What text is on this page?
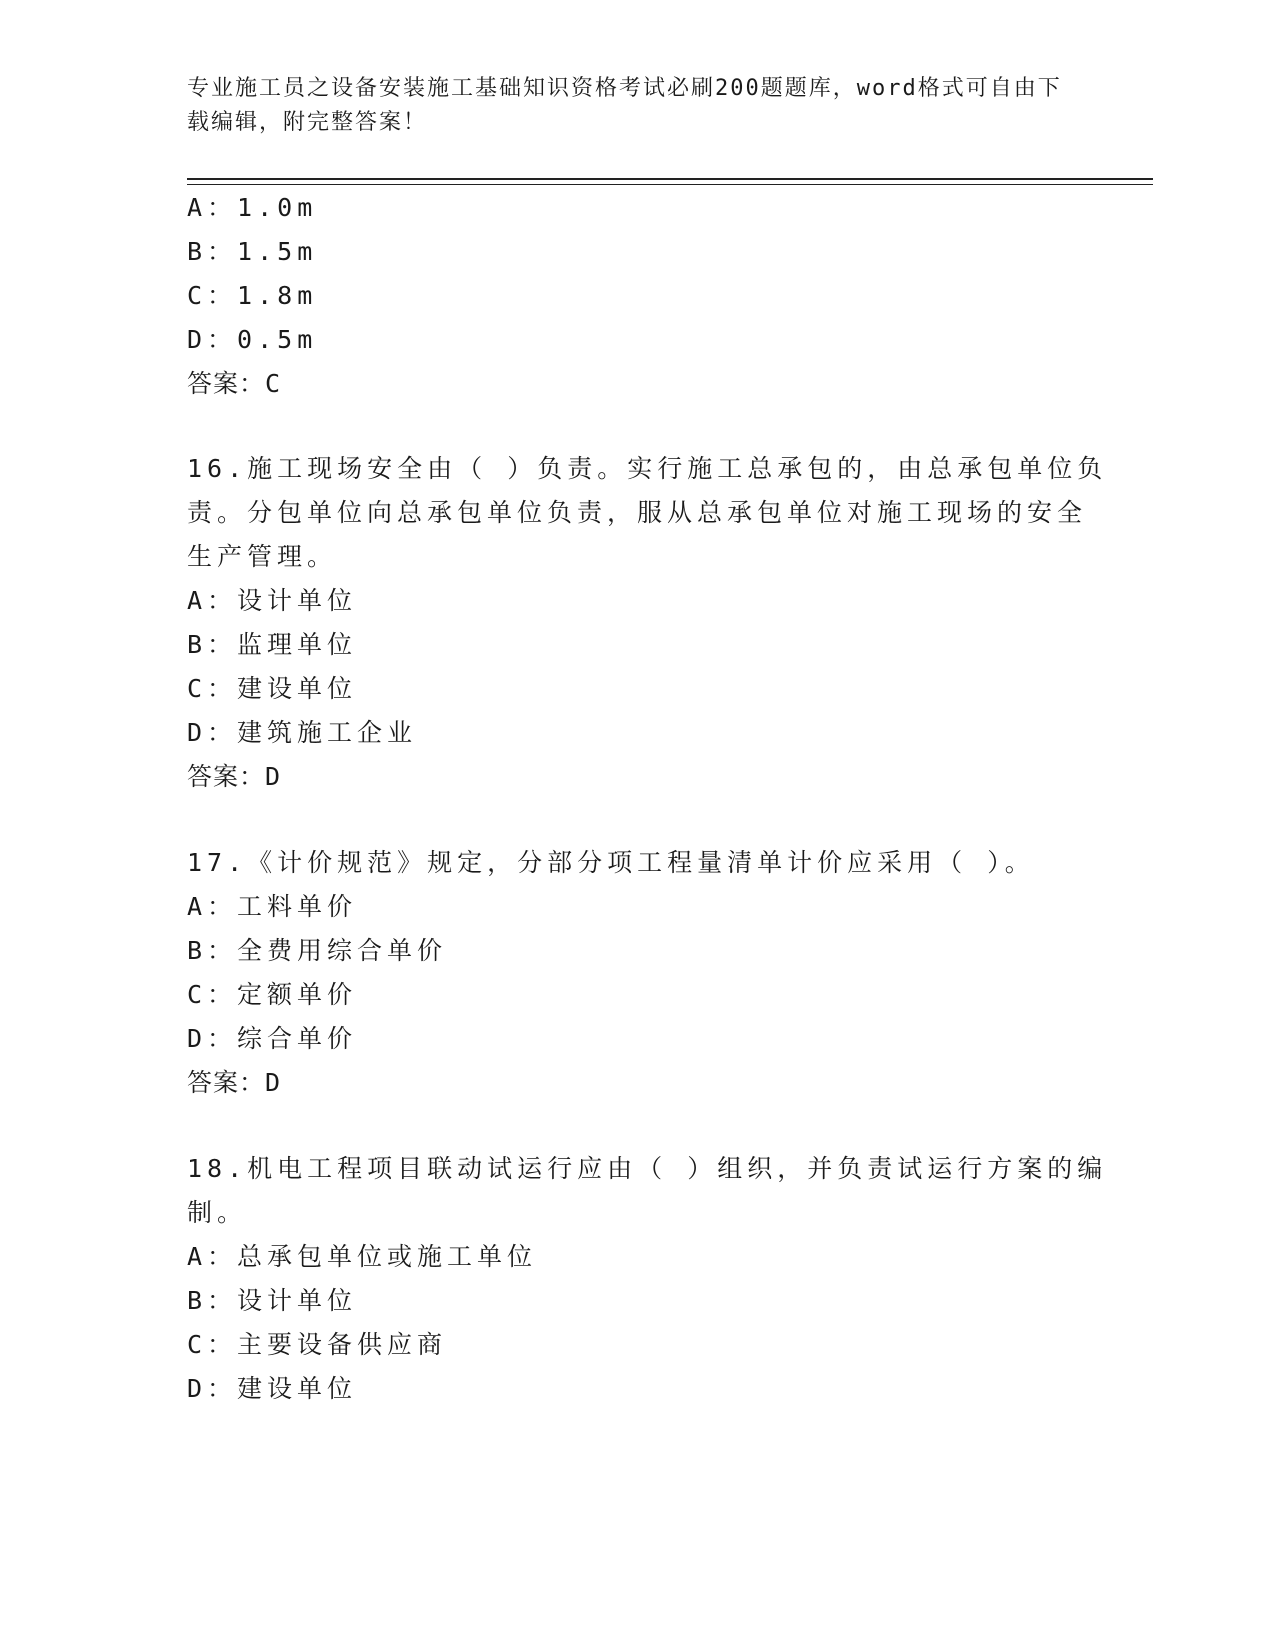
专业施工员之设备安装施工基础知识资格考试必刷200题题库，word格式可自由下载编辑，附完整答案！
A：1.0m
B：1.5m
C：1.8m
D：0.5m
答案：C
16.施工现场安全由（ ）负责。实行施工总承包的，由总承包单位负
责。分包单位向总承包单位负责，服从总承包单位对施工现场的安全
生产管理。
A：设计单位
B：监理单位
C：建设单位
D：建筑施工企业
答案：D
17.《计价规范》规定，分部分项工程量清单计价应采用（ ）。
A：工料单价
B：全费用综合单价
C：定额单价
D：综合单价
答案：D
18.机电工程项目联动试运行应由（ ）组织，并负责试运行方案的编
制。
A：总承包单位或施工单位
B：设计单位
C：主要设备供应商
D：建设单位
